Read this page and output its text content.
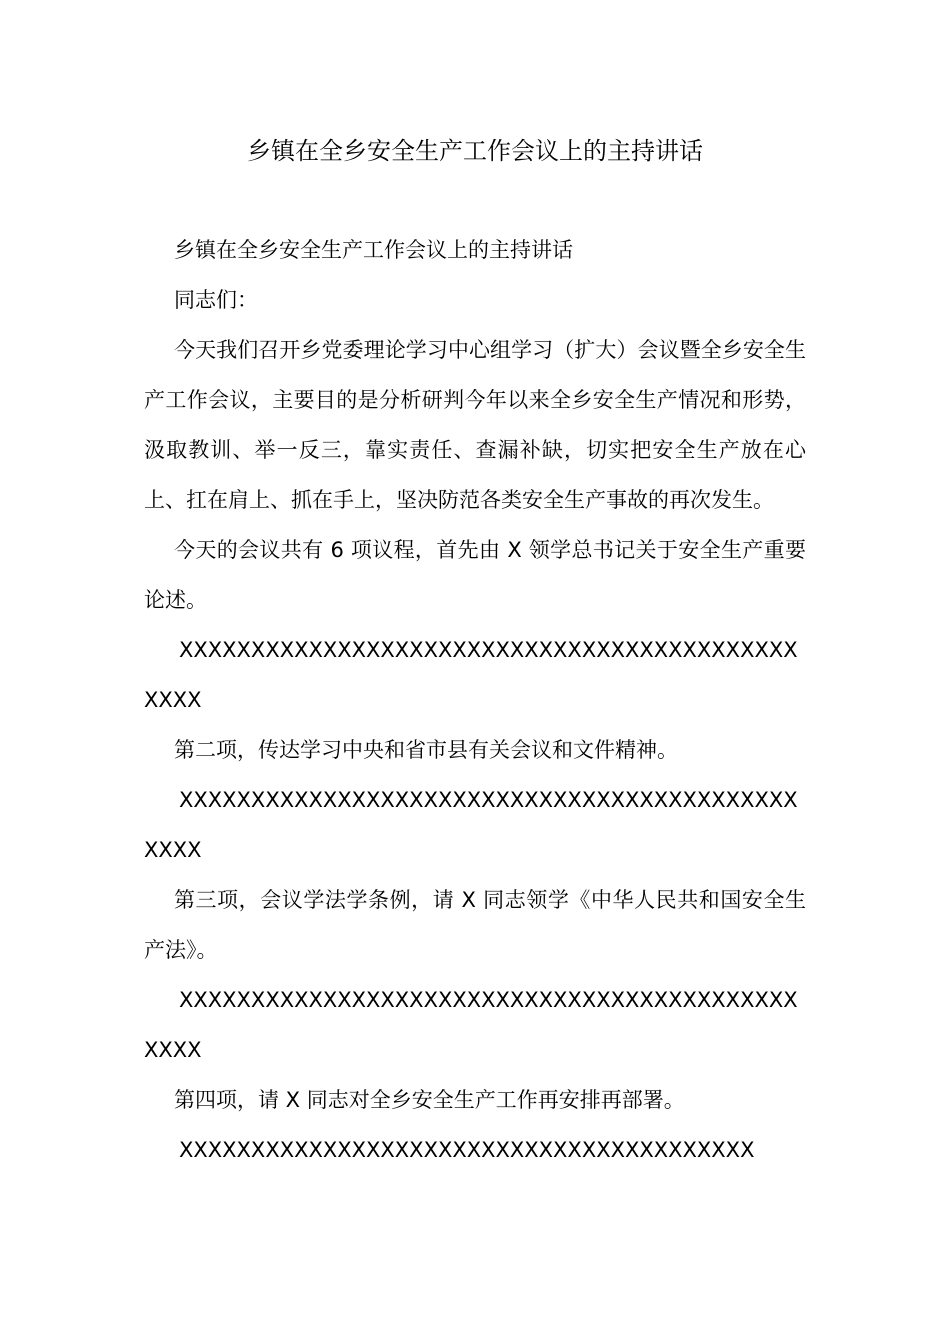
乡镇在全乡安全生产工作会议上的主持讲话

乡镇在全乡安全生产工作会议上的主持讲话

同志们：

今天我们召开乡党委理论学习中心组学习（扩大）会议暨全乡安全生产工作会议，主要目的是分析研判今年以来全乡安全生产情况和形势，汲取教训、举一反三，靠实责任、查漏补缺，切实把安全生产放在心上、扛在肩上、抓在手上，坚决防范各类安全生产事故的再次发生。

今天的会议共有 6 项议程，首先由 X 领学总书记关于安全生产重要论述。

XXXXXXXXXXXXXXXXXXXXXXXXXXXXXXXXXXXXXXXXXXXXXXX

第二项，传达学习中央和省市县有关会议和文件精神。

XXXXXXXXXXXXXXXXXXXXXXXXXXXXXXXXXXXXXXXXXXXXXXX

第三项，会议学法学条例，请 X 同志领学《中华人民共和国安全生产法》。

XXXXXXXXXXXXXXXXXXXXXXXXXXXXXXXXXXXXXXXXXXXXXXX

第四项，请 X 同志对全乡安全生产工作再安排再部署。

XXXXXXXXXXXXXXXXXXXXXXXXXXXXXXXXXXXXXXXX
